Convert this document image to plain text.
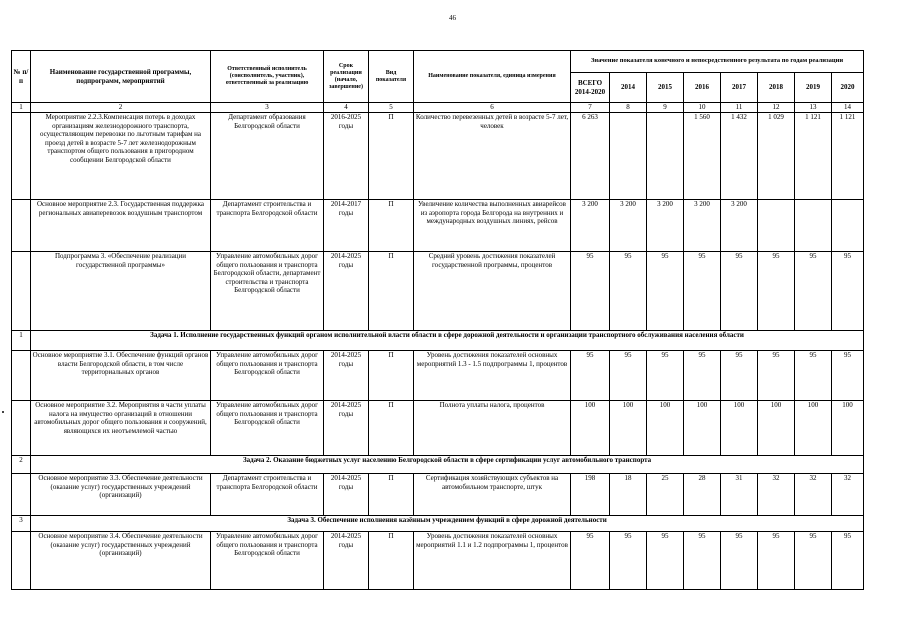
46
№ п/п	Наименование государственной программы, подпрограмм, мероприятий	Ответственный исполнитель (соисполнитель, участник), ответственный за реализацию	Срок реализации (начало, завершение)	Вид показателя	Наименование показателя, единица измерения	Значение показателя конечного и непосредственного результата по годам реализации							
						ВСЕГО 2014-2020	2014	2015	2016	2017	2018	2019	2020
1	2	3	4	5	6	7	8	9	10	11	12	13	14
	Мероприятие 2.2.3.Компенсация потерь в доходах организациям железнодорожного транспорта, осуществляющим перевозки по льготным тарифам на проезд детей в возрасте 5-7 лет железнодорожным транспортом общего пользования в пригородном сообщении Белгородской области	Департамент образования Белгородской области	2016-2025 годы	П	Количество перевезенных детей в возрасте 5-7 лет, человек	6 263			1 560	1 432	1 029	1 121	1 121
	Основное мероприятие 2.3. Государственная поддержка региональных авиаперевозок воздушным транспортом	Департамент строительства и транспорта Белгородской области	2014-2017 годы	П	Увеличение количества выполненных авиарейсов из аэропорта города Белгорода на внутренних и международных воздушных линиях, рейсов	3 200	3 200	3 200	3 200	3 200			
	Подпрограмма 3. «Обеспечение реализации государственной программы»	Управление автомобильных дорог общего пользования и транспорта Белгородской области, департамент строительства и транспорта Белгородской области	2014-2025 годы	П	Средний уровень достижения показателей государственной программы, процентов	95	95	95	95	95	95	95	95
1	Задача 1. Исполнение государственных функций органом исполнительной власти области в сфере дорожной деятельности и организации транспортного обслуживания населения области												
	Основное мероприятие 3.1. Обеспечение функций органов власти Белгородской области, в том числе территориальных органов	Управление автомобильных дорог общего пользования и транспорта Белгородской области	2014-2025 годы	П	Уровень достижения показателей основных мероприятий 1.3 - 1.5 подпрограммы 1, процентов	95	95	95	95	95	95	95	95
	Основное мероприятие 3.2. Мероприятия в части уплаты налога на имущество организаций в отношении автомобильных дорог общего пользования и сооружений, являющихся их неотъемлемой частью	Управление автомобильных дорог общего пользования и транспорта Белгородской области	2014-2025 годы	П	Полнота уплаты налога, процентов	100	100	100	100	100	100	100	100
2	Задача 2. Оказание бюджетных услуг населению Белгородской области в сфере сертификации услуг автомобильного транспорта												
	Основное мероприятие 3.3. Обеспечение деятельности (оказание услуг) государственных учреждений (организаций)	Департамент строительства и транспорта Белгородской области	2014-2025 годы	П	Сертификация хозяйствующих субъектов на автомобильном транспорте, штук	198	18	25	28	31	32	32	32
3	Задача 3. Обеспечение исполнения казённым учреждением функций в сфере дорожной деятельности												
	Основное мероприятие 3.4. Обеспечение деятельности (оказание услуг) государственных учреждений (организаций)	Управление автомобильных дорог общего пользования и транспорта Белгородской области	2014-2025 годы	П	Уровень достижения показателей основных мероприятий 1.1 и 1.2 подпрограммы 1, процентов	95	95	95	95	95	95	95	95
